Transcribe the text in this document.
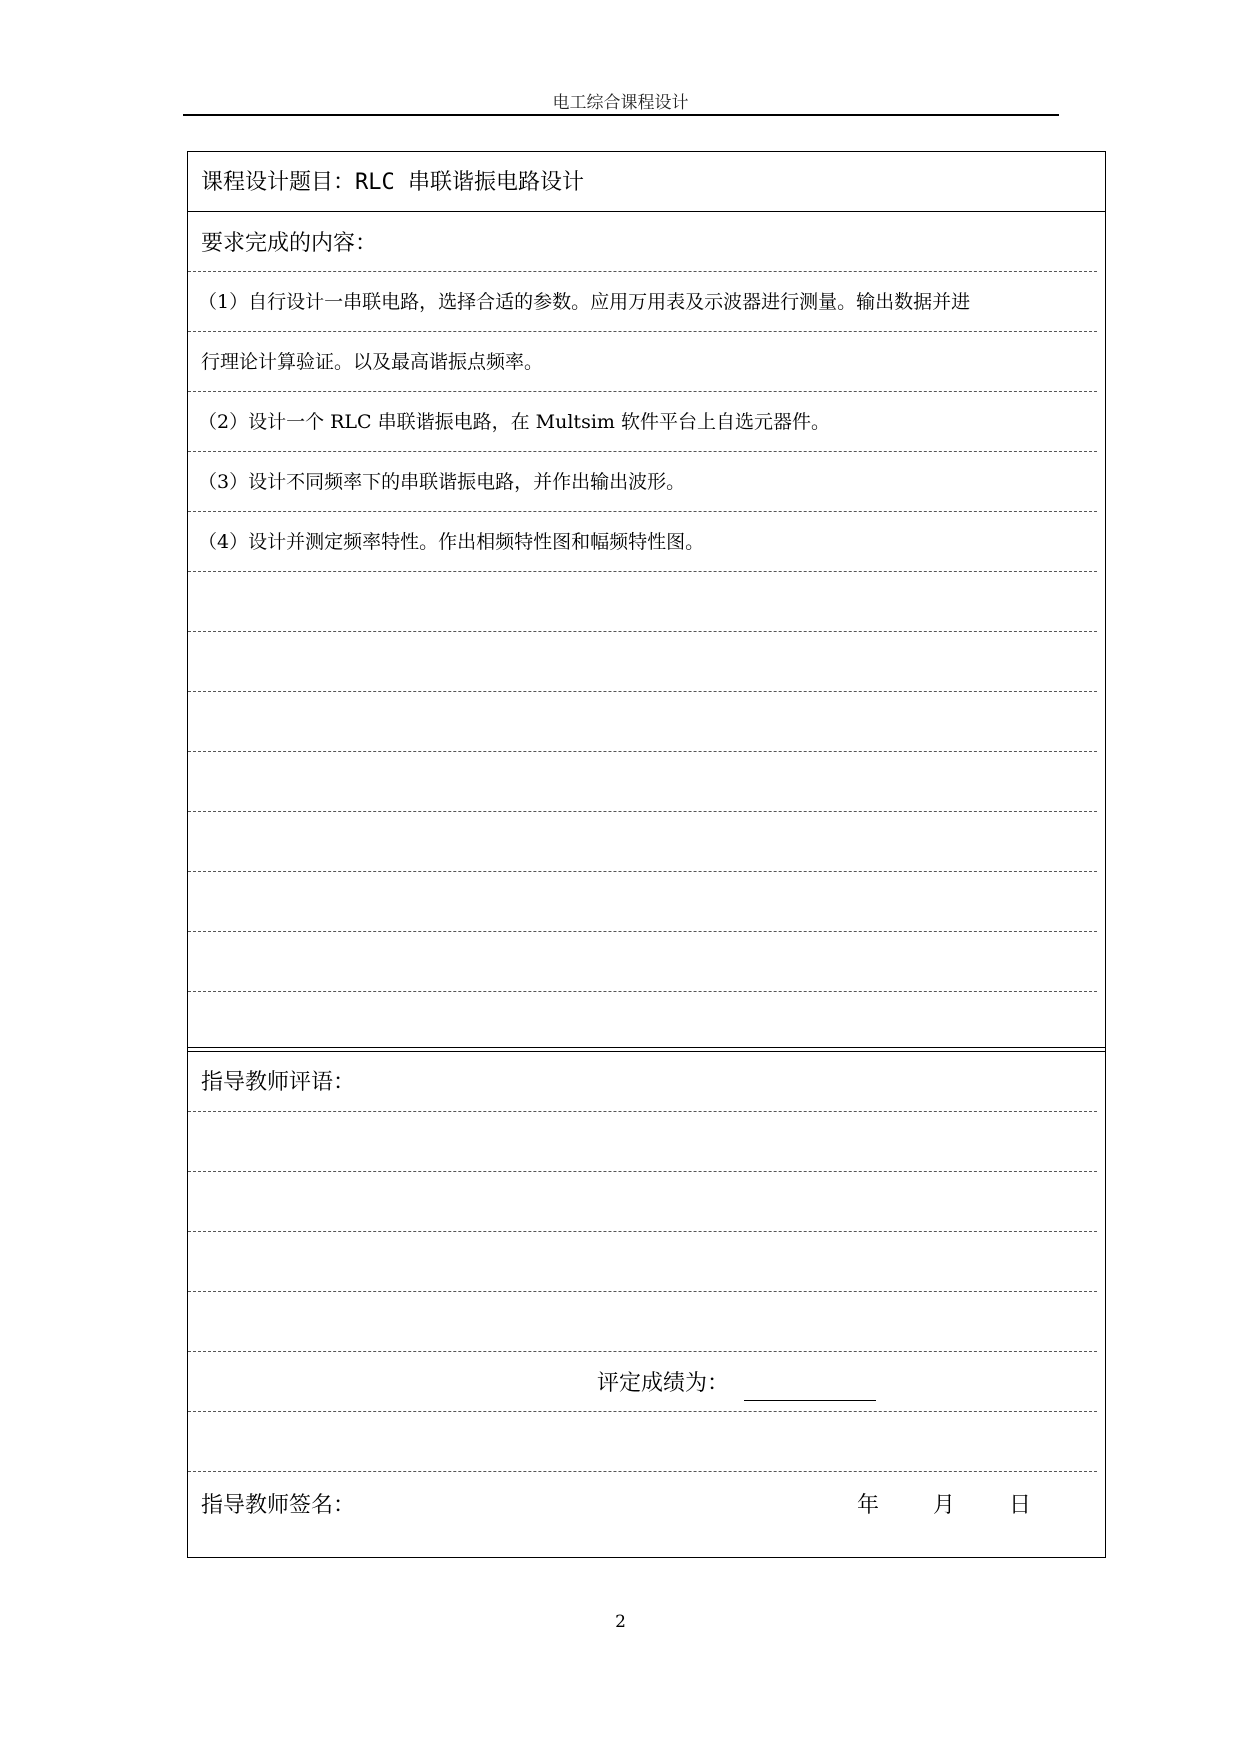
电工综合课程设计
课程设计题目：RLC 串联谐振电路设计
要求完成的内容：
（1）自行设计一串联电路，选择合适的参数。应用万用表及示波器进行测量。输出数据并进
行理论计算验证。以及最高谐振点频率。
（2）设计一个 RLC 串联谐振电路，在 Multsim 软件平台上自选元器件。
（3）设计不同频率下的串联谐振电路，并作出输出波形。
（4）设计并测定频率特性。作出相频特性图和幅频特性图。
指导教师评语：
评定成绩为：
指导教师签名：	年 月 日
2
